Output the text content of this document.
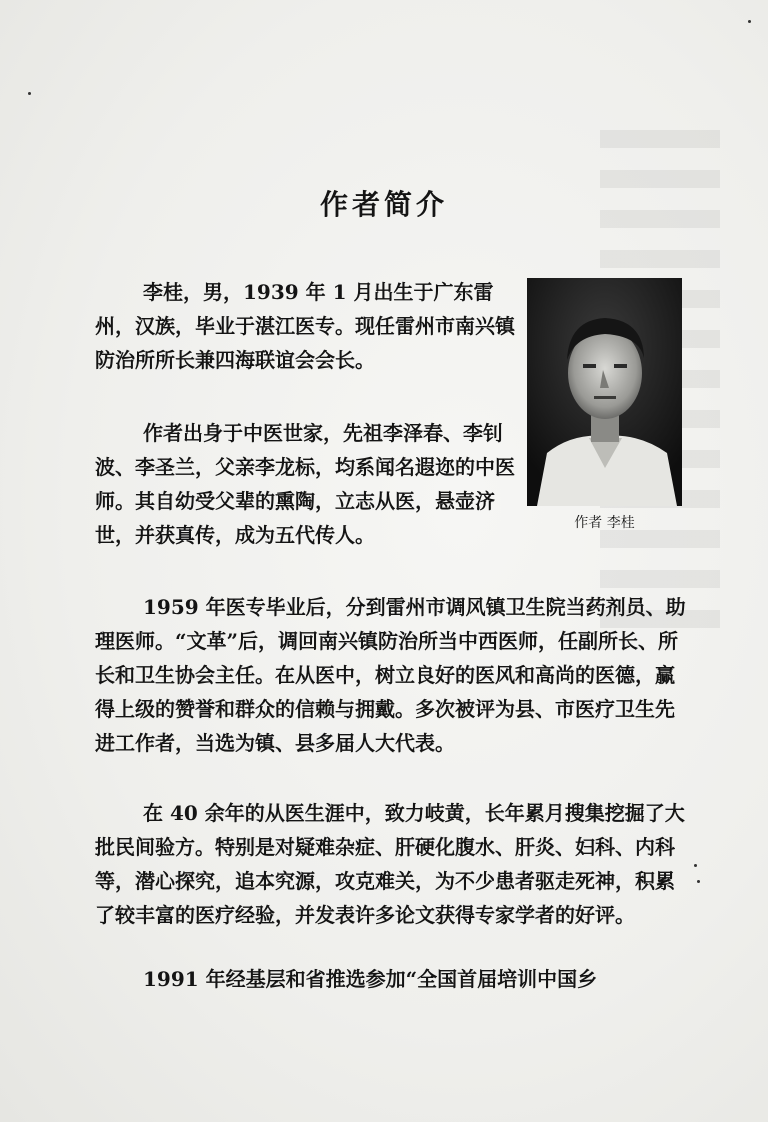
作者简介

李桂，男，1939 年 1 月出生于广东雷州，汉族，毕业于湛江医专。现任雷州市南兴镇防治所所长兼四海联谊会会长。

作者出身于中医世家，先祖李泽春、李钊波、李圣兰，父亲李龙标，均系闻名遐迩的中医师。其自幼受父辈的熏陶，立志从医，悬壶济世，并获真传，成为五代传人。

1959 年医专毕业后，分到雷州市调风镇卫生院当药剂员、助理医师。“文革”后，调回南兴镇防治所当中西医师，任副所长、所长和卫生协会主任。在从医中，树立良好的医风和高尚的医德，赢得上级的赞誉和群众的信赖与拥戴。多次被评为县、市医疗卫生先进工作者，当选为镇、县多届人大代表。

在 40 余年的从医生涯中，致力岐黄，长年累月搜集挖掘了大批民间验方。特别是对疑难杂症、肝硬化腹水、肝炎、妇科、内科等，潜心探究，追本究源，攻克难关，为不少患者驱走死神，积累了较丰富的医疗经验，并发表许多论文获得专家学者的好评。

1991 年经基层和省推选参加“全国首届培训中国乡

作者 李桂
